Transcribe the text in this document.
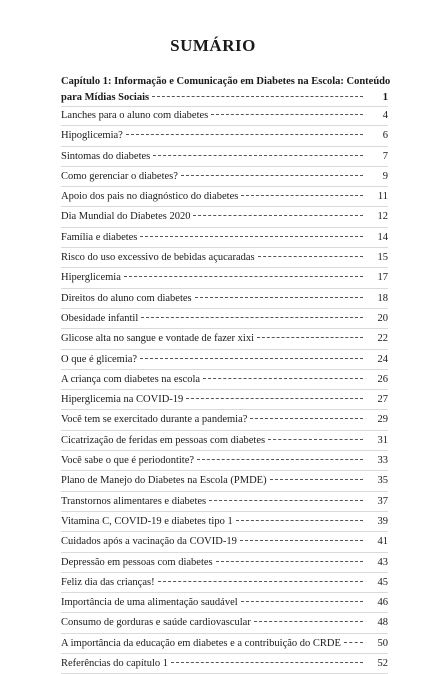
SUMÁRIO
Capítulo 1: Informação e Comunicação em Diabetes na Escola: Conteúdo
para Mídias Sociais	1
Lanches para o aluno com diabetes	4
Hipoglicemia?	6
Sintomas do diabetes	7
Como gerenciar o diabetes?	9
Apoio dos pais no diagnóstico do diabetes	11
Dia Mundial do Diabetes 2020	12
Família e diabetes	14
Risco do uso excessivo de bebidas açucaradas	15
Hiperglicemia	17
Direitos do aluno com diabetes	18
Obesidade infantil	20
Glicose alta no sangue e vontade de fazer xixi	22
O que é glicemia?	24
A criança com diabetes na escola	26
Hiperglicemia na COVID-19	27
Você tem se exercitado durante a pandemia?	29
Cicatrização de feridas em pessoas com diabetes	31
Você sabe o que é periodontite?	33
Plano de Manejo do Diabetes na Escola (PMDE)	35
Transtornos alimentares e diabetes	37
Vitamina C, COVID-19 e diabetes tipo 1	39
Cuidados após a vacinação da COVID-19	41
Depressão em pessoas com diabetes	43
Feliz dia das crianças!	45
Importância de uma alimentação saudável	46
Consumo de gorduras e saúde cardiovascular	48
A importância da educação em diabetes e a contribuição do CRDE	50
Referências do capítulo 1	52
